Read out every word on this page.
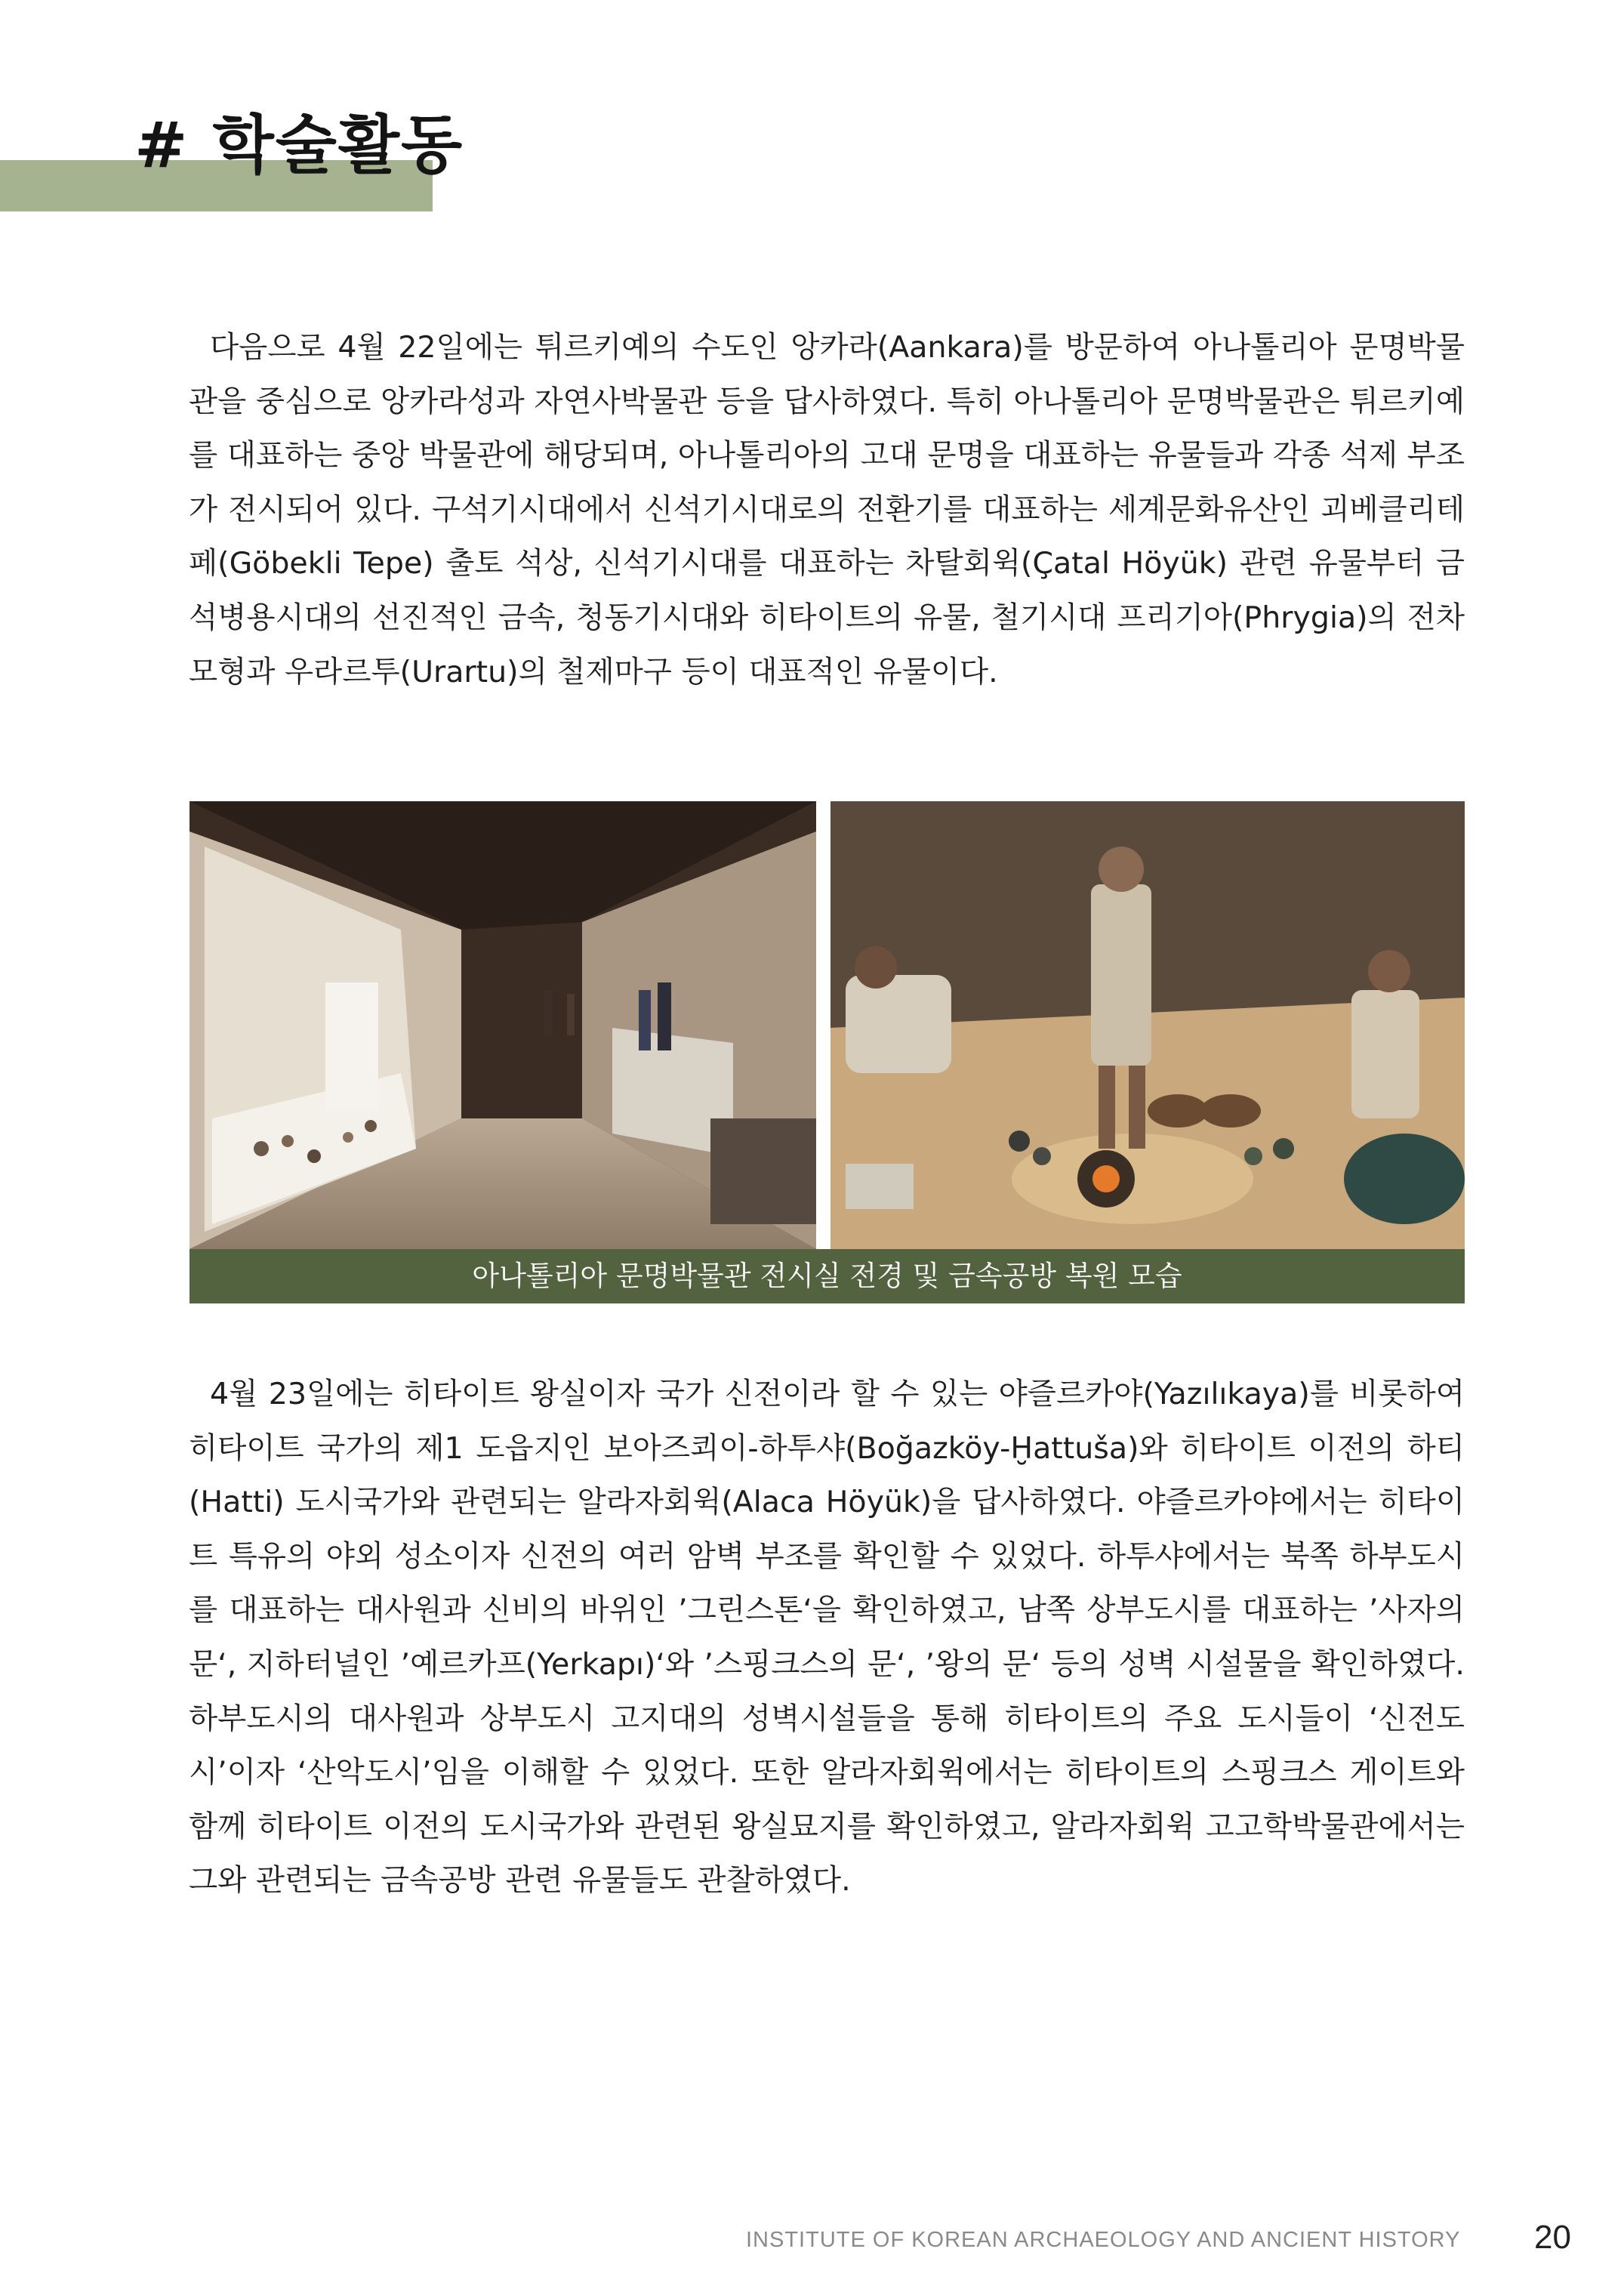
# 학술활동

다음으로 4월 22일에는 튀르키예의 수도인 앙카라(Aankara)를 방문하여 아나톨리아 문명박물관을 중심으로 앙카라성과 자연사박물관 등을 답사하였다. 특히 아나톨리아 문명박물관은 튀르키예를 대표하는 중앙 박물관에 해당되며, 아나톨리아의 고대 문명을 대표하는 유물들과 각종 석제 부조가 전시되어 있다. 구석기시대에서 신석기시대로의 전환기를 대표하는 세계문화유산인 괴베클리테페(Göbekli Tepe) 출토 석상, 신석기시대를 대표하는 차탈회윅(Çatal Höyük) 관련 유물부터 금석병용시대의 선진적인 금속, 청동기시대와 히타이트의 유물, 철기시대 프리기아(Phrygia)의 전차모형과 우라르투(Urartu)의 철제마구 등이 대표적인 유물이다.

아나톨리아 문명박물관 전시실 전경 및 금속공방 복원 모습

4월 23일에는 히타이트 왕실이자 국가 신전이라 할 수 있는 야즐르카야(Yazılıkaya)를 비롯하여 히타이트 국가의 제1 도읍지인 보아즈쾨이-하투샤(Boğazköy-Ḫattuša)와 히타이트 이전의 하티(Hatti) 도시국가와 관련되는 알라자회윅(Alaca Höyük)을 답사하였다. 야즐르카야에서는 히타이트 특유의 야외 성소이자 신전의 여러 암벽 부조를 확인할 수 있었다. 하투샤에서는 북쪽 하부도시를 대표하는 대사원과 신비의 바위인 ’그린스톤‘을 확인하였고, 남쪽 상부도시를 대표하는 ’사자의 문‘, 지하터널인 ’예르카프(Yerkapı)‘와 ’스핑크스의 문‘, ’왕의 문‘ 등의 성벽 시설물을 확인하였다. 하부도시의 대사원과 상부도시 고지대의 성벽시설들을 통해 히타이트의 주요 도시들이 ‘신전도시’이자 ‘산악도시’임을 이해할 수 있었다. 또한 알라자회윅에서는 히타이트의 스핑크스 게이트와 함께 히타이트 이전의 도시국가와 관련된 왕실묘지를 확인하였고, 알라자회윅 고고학박물관에서는 그와 관련되는 금속공방 관련 유물들도 관찰하였다.

INSTITUTE OF KOREAN ARCHAEOLOGY AND ANCIENT HISTORY 20
